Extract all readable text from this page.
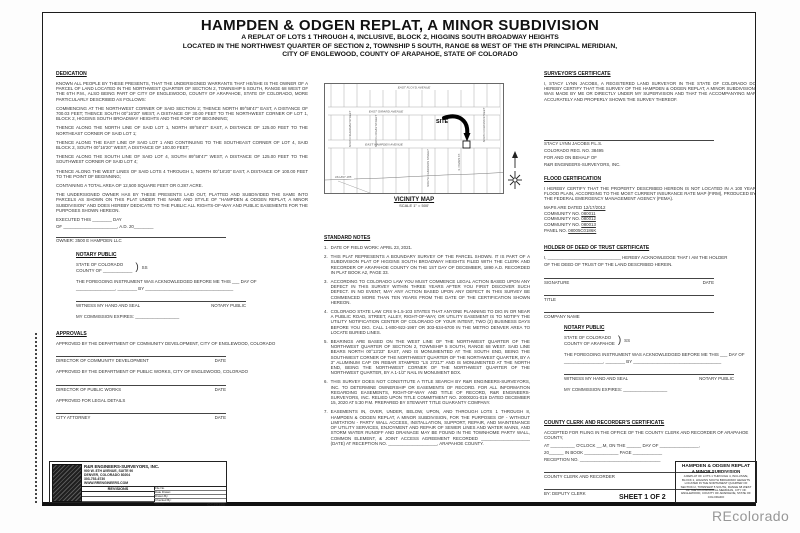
HAMPDEN & ODGEN REPLAT, A MINOR SUBDIVISION
A REPLAT OF LOTS 1 THROUGH 4, INCLUSIVE, BLOCK 2, HIGGINS SOUTH BROADWAY HEIGHTS
LOCATED IN THE NORTHWEST QUARTER OF SECTION 2, TOWNSHIP 5 SOUTH, RANGE 68 WEST OF THE 6TH PRINCIPAL MERIDIAN,
CITY OF ENGLEWOOD, COUNTY OF ARAPAHOE, STATE OF COLORADO
DEDICATION
KNOWN ALL PEOPLE BY THESE PRESENTS, THAT THE UNDERSIGNED WARRANTS THAT HE/SHE IS THE OWNER OF A PARCEL OF LAND LOCATED IN THE NORTHWEST QUARTER OF SECTION 2, TOWNSHIP 5 SOUTH, RANGE 68 WEST OF THE 6TH P.M., ALSO BEING PART OF CITY OF ENGLEWOOD, COUNTY OF ARAPAHOE, STATE OF COLORADO, MORE PARTICULARLY DESCRIBED AS FOLLOWS:
COMMENCING AT THE NORTHWEST CORNER OF SAID SECTION 2; THENCE NORTH 89°58'47" EAST, A DISTANCE OF 700.03 FEET; THENCE SOUTH 00°16'20" WEST, A DISTANCE OF 30.00 FEET TO THE NORTHWEST CORNER OF LOT 1, BLOCK 2, HIGGINS SOUTH BROADWAY HEIGHTS AND THE POINT OF BEGINNING;
THENCE ALONG THE NORTH LINE OF SAID LOT 1, NORTH 89°58'47" EAST, A DISTANCE OF 125.00 FEET TO THE NORTHEAST CORNER OF SAID LOT 1;
THENCE ALONG THE EAST LINE OF SAID LOT 1 AND CONTINUING TO THE SOUTHEAST CORNER OF LOT 4, SAID BLOCK 2, SOUTH 00°16'20" WEST, A DISTANCE OF 100.00 FEET;
THENCE ALONG THE SOUTH LINE OF SAID LOT 4, SOUTH 89°58'47" WEST, A DISTANCE OF 125.00 FEET TO THE SOUTHWEST CORNER OF SAID LOT 4;
THENCE ALONG THE WEST LINES OF SAID LOTS 4 THROUGH 1, NORTH 00°16'20" EAST, A DISTANCE OF 100.00 FEET TO THE POINT OF BEGINNING;
CONTAINING A TOTAL AREA OF 12,500 SQUARE FEET OR 0.287 ACRE.
THE UNDERSIGNED OWNER HAS BY THESE PRESENTS LAID OUT, PLATTED AND SUBDIVIDED THE SAME INTO PARCELS AS SHOWN ON THIS PLAT UNDER THE NAME AND STYLE OF "HAMPDEN & ODGEN REPLAT, A MINOR SUBDIVISION" AND DOES HEREBY DEDICATE TO THE PUBLIC ALL RIGHTS-OF-WAY AND PUBLIC EASEMENTS FOR THE PURPOSES SHOWN HEREON.
EXECUTED THIS ________ DAY
OF ______________________, A.D. 20________
OWNER: 3500 E HAMPDEN LLC
NOTARY PUBLIC
STATE OF COLORADO
COUNTY OF ____________ ) SS
THE FOREGOING INSTRUMENT WAS ACKNOWLEDGED BEFORE ME THIS ___ DAY OF
________________, ________ BY ____________________________________
WITNESS MY HAND AND SEAL	NOTARY PUBLIC
MY COMMISSION EXPIRES: __________________
APPROVALS
APPROVED BY THE DEPARTMENT OF COMMUNITY DEVELOPMENT, CITY OF ENGLEWOOD, COLORADO
DIRECTOR OF COMMUNITY DEVELOPMENT	DATE
APPROVED BY THE DEPARTMENT OF PUBLIC WORKS, CITY OF ENGLEWOOD, COLORADO
DIRECTOR OF PUBLIC WORKS	DATE
APPROVED FOR LEGAL DETAILS
CITY ATTORNEY	DATE
EAST FLOYD AVENUE
EAST GIRARD AVENUE
EAST HAMPDEN AVENUE
US HWY 285
SOUTH SHERMAN STREET	SOUTH LOGAN STREET
SOUTH CLARKSON STREET	S. OGDEN ST.
SOUTH CORONA STREET
SITE
VICINITY MAP
SCALE 1" = 500'
STANDARD NOTES
1. DATE OF FIELD WORK: APRIL 23, 2021.
2. THIS PLAT REPRESENTS A BOUNDARY SURVEY OF THE PARCEL SHOWN. IT IS PART OF A SUBDIVISION PLAT OF HIGGINS SOUTH BROADWAY HEIGHTS FILED WITH THE CLERK AND RECORDER OF ARAPAHOE COUNTY ON THE 1ST DAY OF DECEMBER, 1890 A.D. RECORDED IN PLAT BOOK A2, PAGE 33.
3. ACCORDING TO COLORADO LAW YOU MUST COMMENCE LEGAL ACTION BASED UPON ANY DEFECT IN THIS SURVEY WITHIN THREE YEARS AFTER YOU FIRST DISCOVER SUCH DEFECT. IN NO EVENT, MAY ANY ACTION BASED UPON ANY DEFECT IN THIS SURVEY BE COMMENCED MORE THAN TEN YEARS FROM THE DATE OF THE CERTIFICATION SHOWN HEREON.
4. COLORADO STATE LAW CRS 9-1.5-103 STATES THAT ANYONE PLANNING TO DIG IN OR NEAR A PUBLIC ROAD, STREET, ALLEY, RIGHT-OF-WAY, OR UTILITY EASEMENT IS TO NOTIFY THE UTILITY NOTIFICATION CENTER OF COLORADO OF YOUR INTENT, TWO (2) BUSINESS DAYS BEFORE YOU DIG. CALL 1-800-922-1987 OR 303-534-6700 IN THE METRO DENVER AREA TO LOCATE BURIED LINES.
5. BEARINGS ARE BASED ON THE WEST LINE OF THE NORTHWEST QUARTER OF THE NORTHWEST QUARTER OF SECTION 2, TOWNSHIP 5 SOUTH, RANGE 68 WEST. SAID LINE BEARS NORTH 00°13'23" EAST, AND IS MONUMENTED AT THE SOUTH END, BEING THE SOUTHWEST CORNER OF THE NORTHWEST QUARTER OF THE NORTHWEST QUARTER, BY A 3" ALUMINUM CAP ON REBAR STAMPED "LS 27217" AND IS MONUMENTED AT THE NORTH END, BEING THE NORTHWEST CORNER OF THE NORTHWEST QUARTER OF THE NORTHWEST QUARTER, BY A 1-1/2" NAIL IN MONUMENT BOX.
6. THIS SURVEY DOES NOT CONSTITUTE A TITLE SEARCH BY R&R ENGINEERS-SURVEYORS, INC. TO DETERMINE OWNERSHIP OR EASEMENTS OF RECORD. FOR ALL INFORMATION REGARDING EASEMENTS, RIGHT-OF-WAY AND TITLE OF RECORD, R&R ENGINEERS-SURVEYORS, INC. RELIED UPON TITLE COMMITMENT NO. 20000201-019 DATED DECEMBER 15, 2020 AT 5:30 P.M. PREPARED BY STEWART TITLE GUARANTY COMPANY.
7. EASEMENTS IN, OVER, UNDER, BELOW, UPON, AND THROUGH LOTS 1 THROUGH 8, HAMPDEN & ODGEN REPLAT, A MINOR SUBDIVISION, FOR THE PURPOSES OF - WITHOUT LIMITATION - PARTY WALL ACCESS, INSTALLATION, SUPPORT, REPAIR, AND MAINTENANCE OF UTILITY SERVICES, ENJOYMENT AND REPAIR OF SEWER LINES AND WATER MAINS, AND STORM WATER RUNOFF AND DRAINAGE MAY BE FOUND IN THE TOWNHOME PARTY WALL, COMMON ELEMENT, & JOINT ACCESS AGREEMENT RECORDED ____________________ (DATE) AT RECEPTION NO. ____________________, ARAPAHOE COUNTY.
SURVEYOR'S CERTIFICATE
I, STACY LYNN JACOBS, A REGISTERED LAND SURVEYOR IN THE STATE OF COLORADO DO HEREBY CERTIFY THAT THE SURVEY OF THE HAMPDEN & ODGEN REPLAT, A MINOR SUBDIVISION, WAS MADE BY ME OR DIRECTLY UNDER MY SUPERVISION AND THAT THE ACCOMPANYING MAP ACCURATELY AND PROPERLY SHOWS THE SURVEY THEREOF.
STACY LYNN JACOBS P.L.S.
COLORADO REG. NO. 38495
FOR AND ON BEHALF OF
R&R ENGINEERS-SURVEYORS, INC.
FLOOD CERTIFICATION
I HEREBY CERTIFY THAT THE PROPERTY DESCRIBED HEREON IS NOT LOCATED IN A 100 YEAR FLOOD PLAIN, ACCORDING TO THE MOST CURRENT INSURANCE RATE MAP (FIRM), PRODUCED BY THE FEDERAL EMERGENCY MANAGEMENT AGENCY (FEMA).
MAPS ARE DATED 12/17/2012
COMMUNITY NO. 080011
COMMUNITY NO. 080012
COMMUNITY NO. 080013
PANEL NO. 08005C0186K
HOLDER OF DEED OF TRUST CERTIFICATE
I, ______________________________ HEREBY ACKNOWLEDGE THAT I AM THE HOLDER
OF THE DEED OF TRUST OF THE LAND DESCRIBED HEREIN.
SIGNATURE	DATE
TITLE
COMPANY NAME
NOTARY PUBLIC
STATE OF COLORADO
COUNTY OF ARAPAHOE ) SS
THE FOREGOING INSTRUMENT WAS ACKNOWLEDGED BEFORE ME THIS ___ DAY OF
________________, ________ BY ____________________________________
WITNESS MY HAND AND SEAL	NOTARY PUBLIC
MY COMMISSION EXPIRES: __________________
COUNTY CLERK AND RECORDER'S CERTIFICATE
ACCEPTED FOR FILING IN THE OFFICE OF THE COUNTY CLERK AND RECORDER OF ARAPAHOE COUNTY,
AT __________ O'CLOCK __.M, ON THE ______ DAY OF ________________,
20______ IN BOOK ______________ PAGE ____________
RECEPTION NO. _________________________________
COUNTY CLERK AND RECORDER
BY: DEPUTY CLERK
R&R ENGINEERS-SURVEYORS, INC.
900 W. 8TH AVENUE, SUITE 90
DENVER, COLORADO 80204
303-753-6730
WWW.RRENGINEERS.COM
REVISIONS	File No.
Date Drawn:
Drawn By:
Checked By:
Job No.	CC20186
SHEET 1 OF 2
HAMPDEN & ODGEN REPLAT
A MINOR SUBDIVISION
A REPLAT OF LOTS 1 THROUGH 4, INCLUSIVE, BLOCK 2, HIGGINS SOUTH BROADWAY HEIGHTS LOCATED IN THE NORTHWEST QUARTER OF SECTION 2, TOWNSHIP 5 SOUTH, RANGE 68 WEST OF THE 6TH PRINCIPAL MERIDIAN, CITY OF ENGLEWOOD, COUNTY OF ARAPAHOE, STATE OF COLORADO
REcolorado
